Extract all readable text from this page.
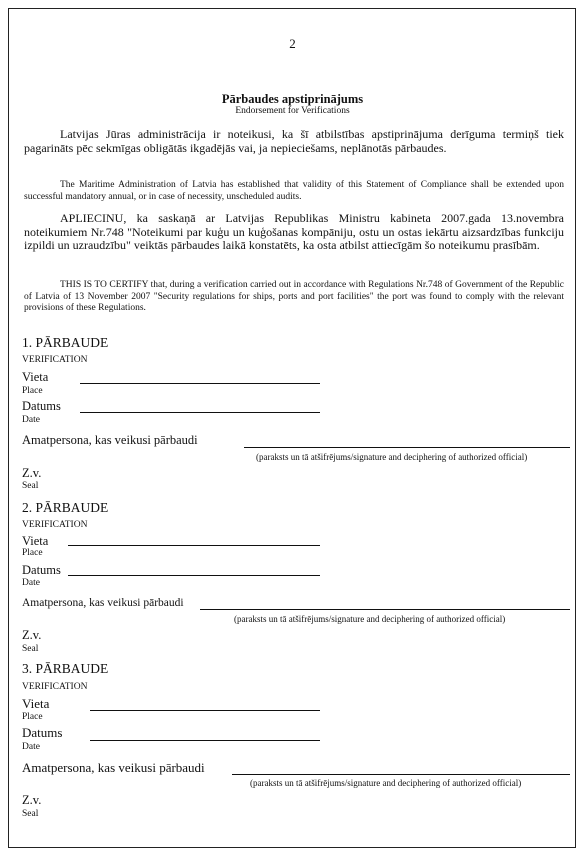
2
Pārbaudes apstiprinājums
Endorsement for Verifications
Latvijas Jūras administrācija ir noteikusi, ka šī atbilstības apstiprinājuma derīguma termiņš tiek pagarināts pēc sekmīgas obligātās ikgadējās vai, ja nepieciešams, neplānotās pārbaudes.
The Maritime Administration of Latvia has established that validity of this Statement of Compliance shall be extended upon successful mandatory annual, or in case of necessity, unscheduled audits.
APLIECINU, ka saskaņā ar Latvijas Republikas Ministru kabineta 2007.gada 13.novembra noteikumiem Nr.748 "Noteikumi par kuģu un kuģošanas kompāniju, ostu un ostas iekārtu aizsardzības funkciju izpildi un uzraudzību" veiktās pārbaudes laikā konstatēts, ka osta atbilst attiecīgām šo noteikumu prasībām.
THIS IS TO CERTIFY that, during a verification carried out in accordance with Regulations Nr.748 of Government of the Republic of Latvia of 13 November 2007 "Security regulations for ships, ports and port facilities" the port was found to comply with the relevant provisions of these Regulations.
1. PĀRBAUDE
VERIFICATION
Vieta
Place
Datums
Date
Amatpersona, kas veikusi pārbaudi
(paraksts un tā atšifrējums/signature and deciphering of authorized official)
Z.v.
Seal
2. PĀRBAUDE
VERIFICATION
Vieta
Place
Datums
Date
Amatpersona, kas veikusi pārbaudi
(paraksts un tā atšifrējums/signature and deciphering of authorized official)
Z.v.
Seal
3. PĀRBAUDE
VERIFICATION
Vieta
Place
Datums
Date
Amatpersona, kas veikusi pārbaudi
(paraksts un tā atšifrējums/signature and deciphering of authorized official)
Z.v.
Seal
